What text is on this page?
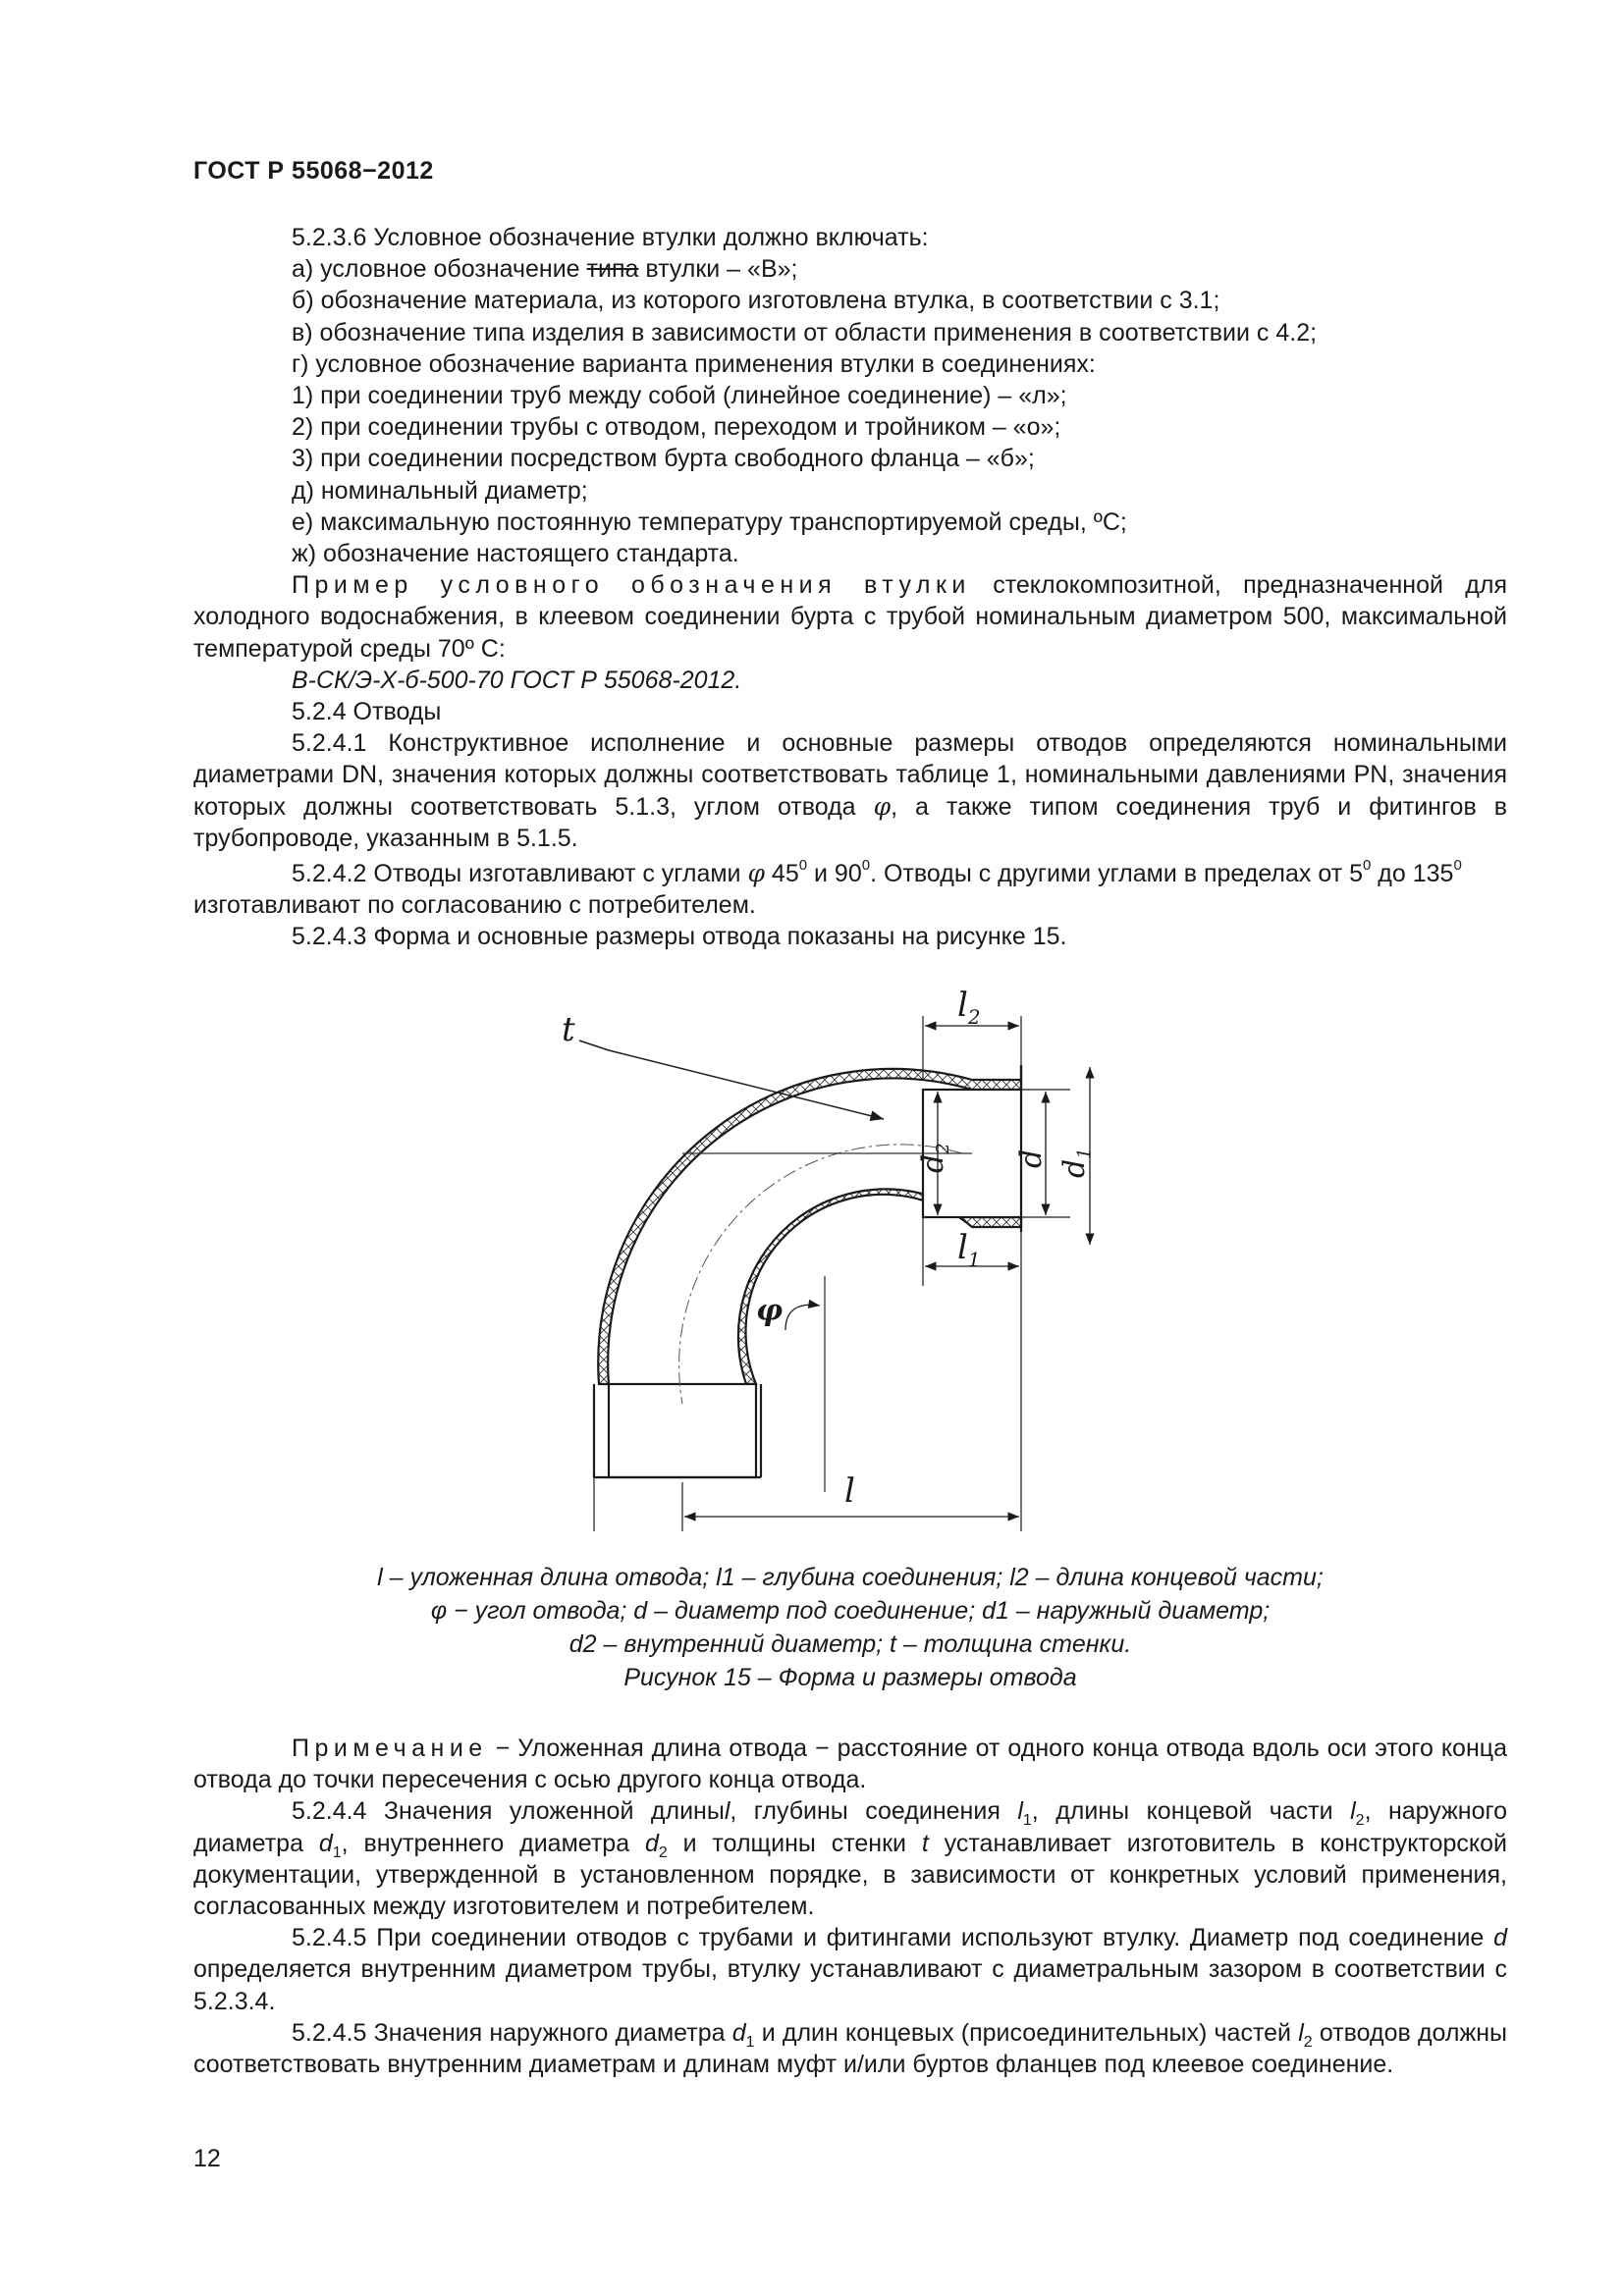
ГОСТ Р 55068−2012

5.2.3.6 Условное обозначение втулки должно включать:

а) условное обозначение типа втулки – «В»;

б) обозначение материала, из которого изготовлена втулка, в соответствии с 3.1;

в) обозначение типа изделия в зависимости от области применения в соответствии с 4.2;

г) условное обозначение варианта применения втулки в соединениях:

1) при соединении труб между собой (линейное соединение) – «л»;

2) при соединении трубы с отводом, переходом и тройником – «о»;

3) при соединении посредством бурта свободного фланца – «б»;

д) номинальный диаметр;

е) максимальную постоянную температуру транспортируемой среды, ºС;

ж) обозначение настоящего стандарта.

Пример условного обозначения втулки стеклокомпозитной, предназначенной для холодного водоснабжения, в клеевом соединении бурта с трубой номинальным диаметром 500, максимальной температурой среды 70º С:

В-СК/Э-Х-б-500-70 ГОСТ Р 55068-2012.

5.2.4 Отводы

5.2.4.1 Конструктивное исполнение и основные размеры отводов определяются номинальными диаметрами DN, значения которых должны соответствовать таблице 1, номинальными давлениями PN, значения которых должны соответствовать 5.1.3, углом отвода φ, а также типом соединения труб и фитингов в трубопроводе, указанным в 5.1.5.

5.2.4.2 Отводы изготавливают с углами φ $45^0$ и $90^0$. Отводы с другими углами в пределах от $5^0$ до $135^0$ изготавливают по согласованию с потребителем.

5.2.4.3 Форма и основные размеры отвода показаны на рисунке 15.

t
$l_2$
$d_2$
d
$l_1$
φ
l
$d_1$
l – уложенная длина отвода; l1 – глубина соединения; l2 – длина концевой части;
φ − угол отвода; d – диаметр под соединение; d1 – наружный диаметр;
d2 – внутренний диаметр; t – толщина стенки.
Рисунок 15 – Форма и размеры отвода

Примечание − Уложенная длина отвода − расстояние от одного конца отвода вдоль оси этого конца отвода до точки пересечения с осью другого конца отвода.

5.2.4.4 Значения уложенной длиныl, глубины соединения $l_1$, длины концевой части $l_2$, наружного диаметра $d_1$, внутреннего диаметра $d_2$ и толщины стенки t устанавливает изготовитель в конструкторской документации, утвержденной в установленном порядке, в зависимости от конкретных условий применения, согласованных между изготовителем и потребителем.

5.2.4.5 При соединении отводов с трубами и фитингами используют втулку. Диаметр под соединение d определяется внутренним диаметром трубы, втулку устанавливают с диаметральным зазором в соответствии с 5.2.3.4.

5.2.4.5 Значения наружного диаметра $d_1$ и длин концевых (присоединительных) частей $l_2$ отводов должны соответствовать внутренним диаметрам и длинам муфт и/или буртов фланцев под клеевое соединение.

12
